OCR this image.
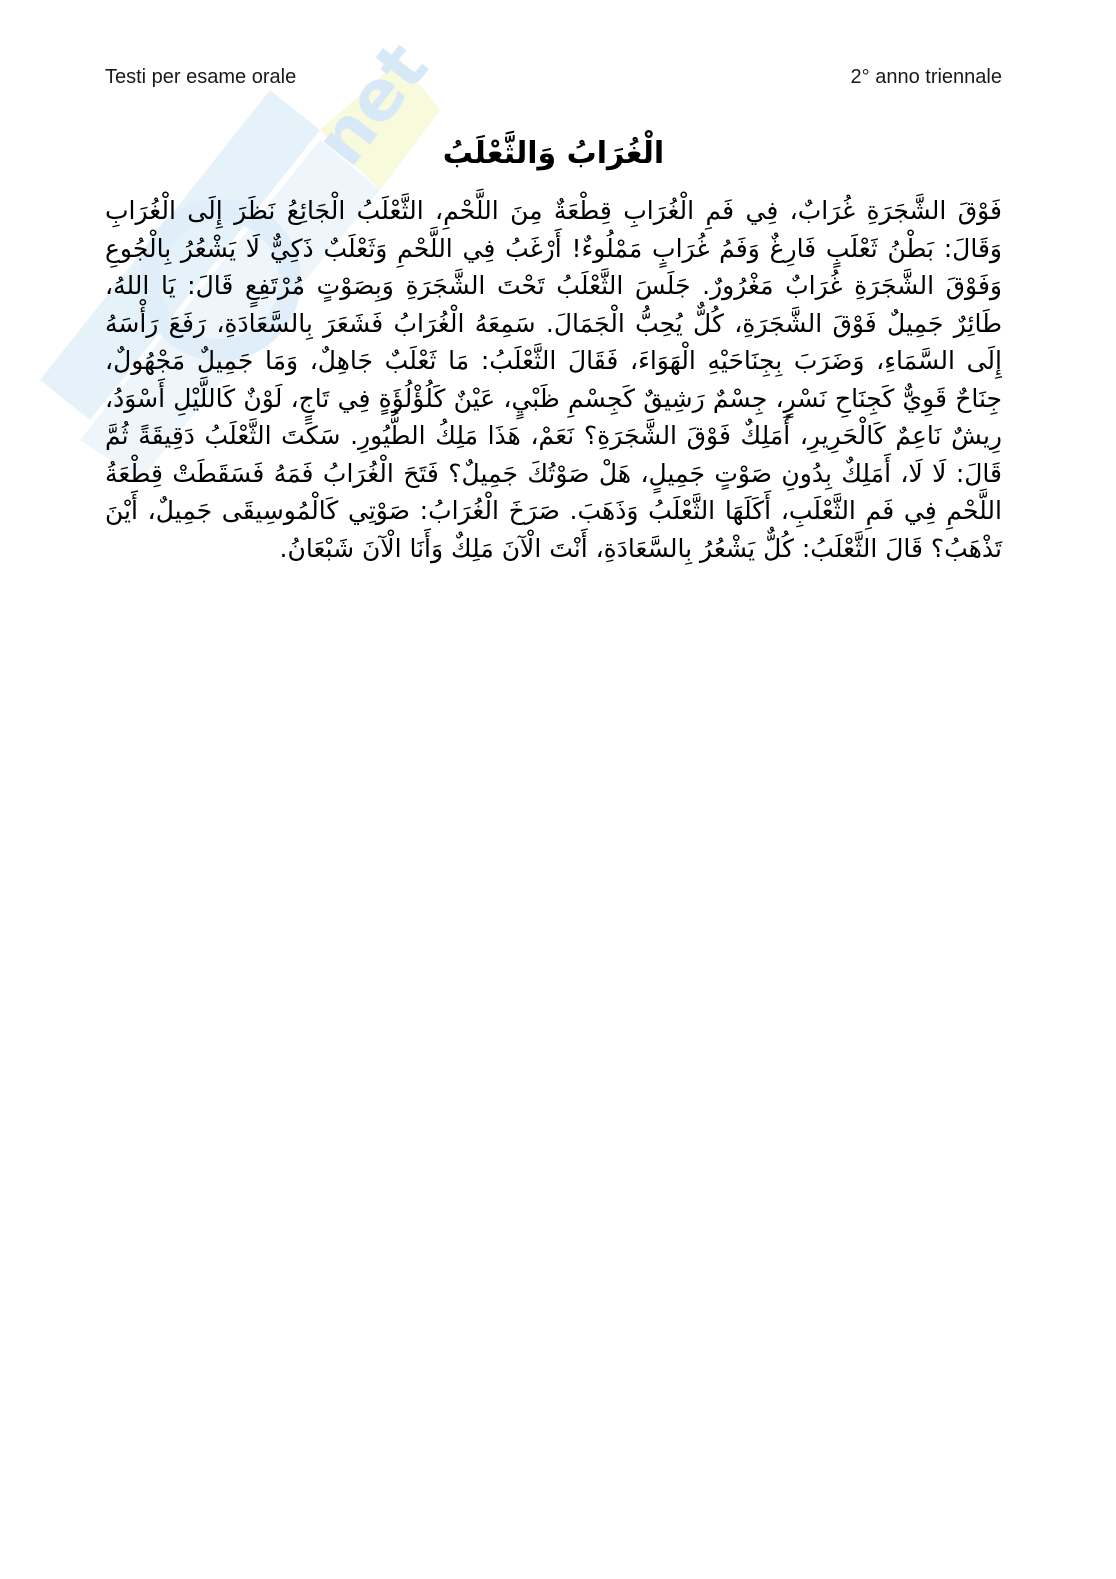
net
Testi per esame orale	2° anno triennale
الْغُرَابُ وَالثَّعْلَبُ
فَوْقَ الشَّجَرَةِ غُرَابٌ، فِي فَمِ الْغُرَابِ قِطْعَةٌ مِنَ اللَّحْمِ، الثَّعْلَبُ الْجَائِعُ نَظَرَ إِلَى الْغُرَابِ وَقَالَ: بَطْنُ ثَعْلَبٍ فَارِغٌ وَفَمُ غُرَابٍ مَمْلُوءٌ! أَرْغَبُ فِي اللَّحْمِ وَثَعْلَبٌ ذَكِيٌّ لَا يَشْعُرُ بِالْجُوعِ وَفَوْقَ الشَّجَرَةِ غُرَابٌ مَغْرُورٌ. جَلَسَ الثَّعْلَبُ تَحْتَ الشَّجَرَةِ وَبِصَوْتٍ مُرْتَفِعٍ قَالَ: يَا اللهُ، طَائِرٌ جَمِيلٌ فَوْقَ الشَّجَرَةِ، كُلٌّ يُحِبُّ الْجَمَالَ. سَمِعَهُ الْغُرَابُ فَشَعَرَ بِالسَّعَادَةِ، رَفَعَ رَأْسَهُ إِلَى السَّمَاءِ، وَضَرَبَ بِجِنَاحَيْهِ الْهَوَاءَ، فَقَالَ الثَّعْلَبُ: مَا ثَعْلَبٌ جَاهِلٌ، وَمَا جَمِيلٌ مَجْهُولٌ، جِنَاحٌ قَوِيٌّ كَجِنَاحِ نَسْرٍ، جِسْمٌ رَشِيقٌ كَجِسْمِ ظَبْيٍ، عَيْنٌ كَلُؤْلُؤَةٍ فِي تَاجٍ، لَوْنٌ كَاللَّيْلِ أَسْوَدُ، رِيشٌ نَاعِمٌ كَالْحَرِيرِ، أَمَلِكٌ فَوْقَ الشَّجَرَةِ؟ نَعَمْ، هَذَا مَلِكُ الطُّيُورِ. سَكَتَ الثَّعْلَبُ دَقِيقَةً ثُمَّ قَالَ: لَا لَا، أَمَلِكٌ بِدُونِ صَوْتٍ جَمِيلٍ، هَلْ صَوْتُكَ جَمِيلٌ؟ فَتَحَ الْغُرَابُ فَمَهُ فَسَقَطَتْ قِطْعَةُ اللَّحْمِ فِي فَمِ الثَّعْلَبِ، أَكَلَهَا الثَّعْلَبُ وَذَهَبَ. صَرَخَ الْغُرَابُ: صَوْتِي كَالْمُوسِيقَى جَمِيلٌ، أَيْنَ تَذْهَبُ؟ قَالَ الثَّعْلَبُ: كُلٌّ يَشْعُرُ بِالسَّعَادَةِ، أَنْتَ الْآنَ مَلِكٌ وَأَنَا الْآنَ شَبْعَانُ.
